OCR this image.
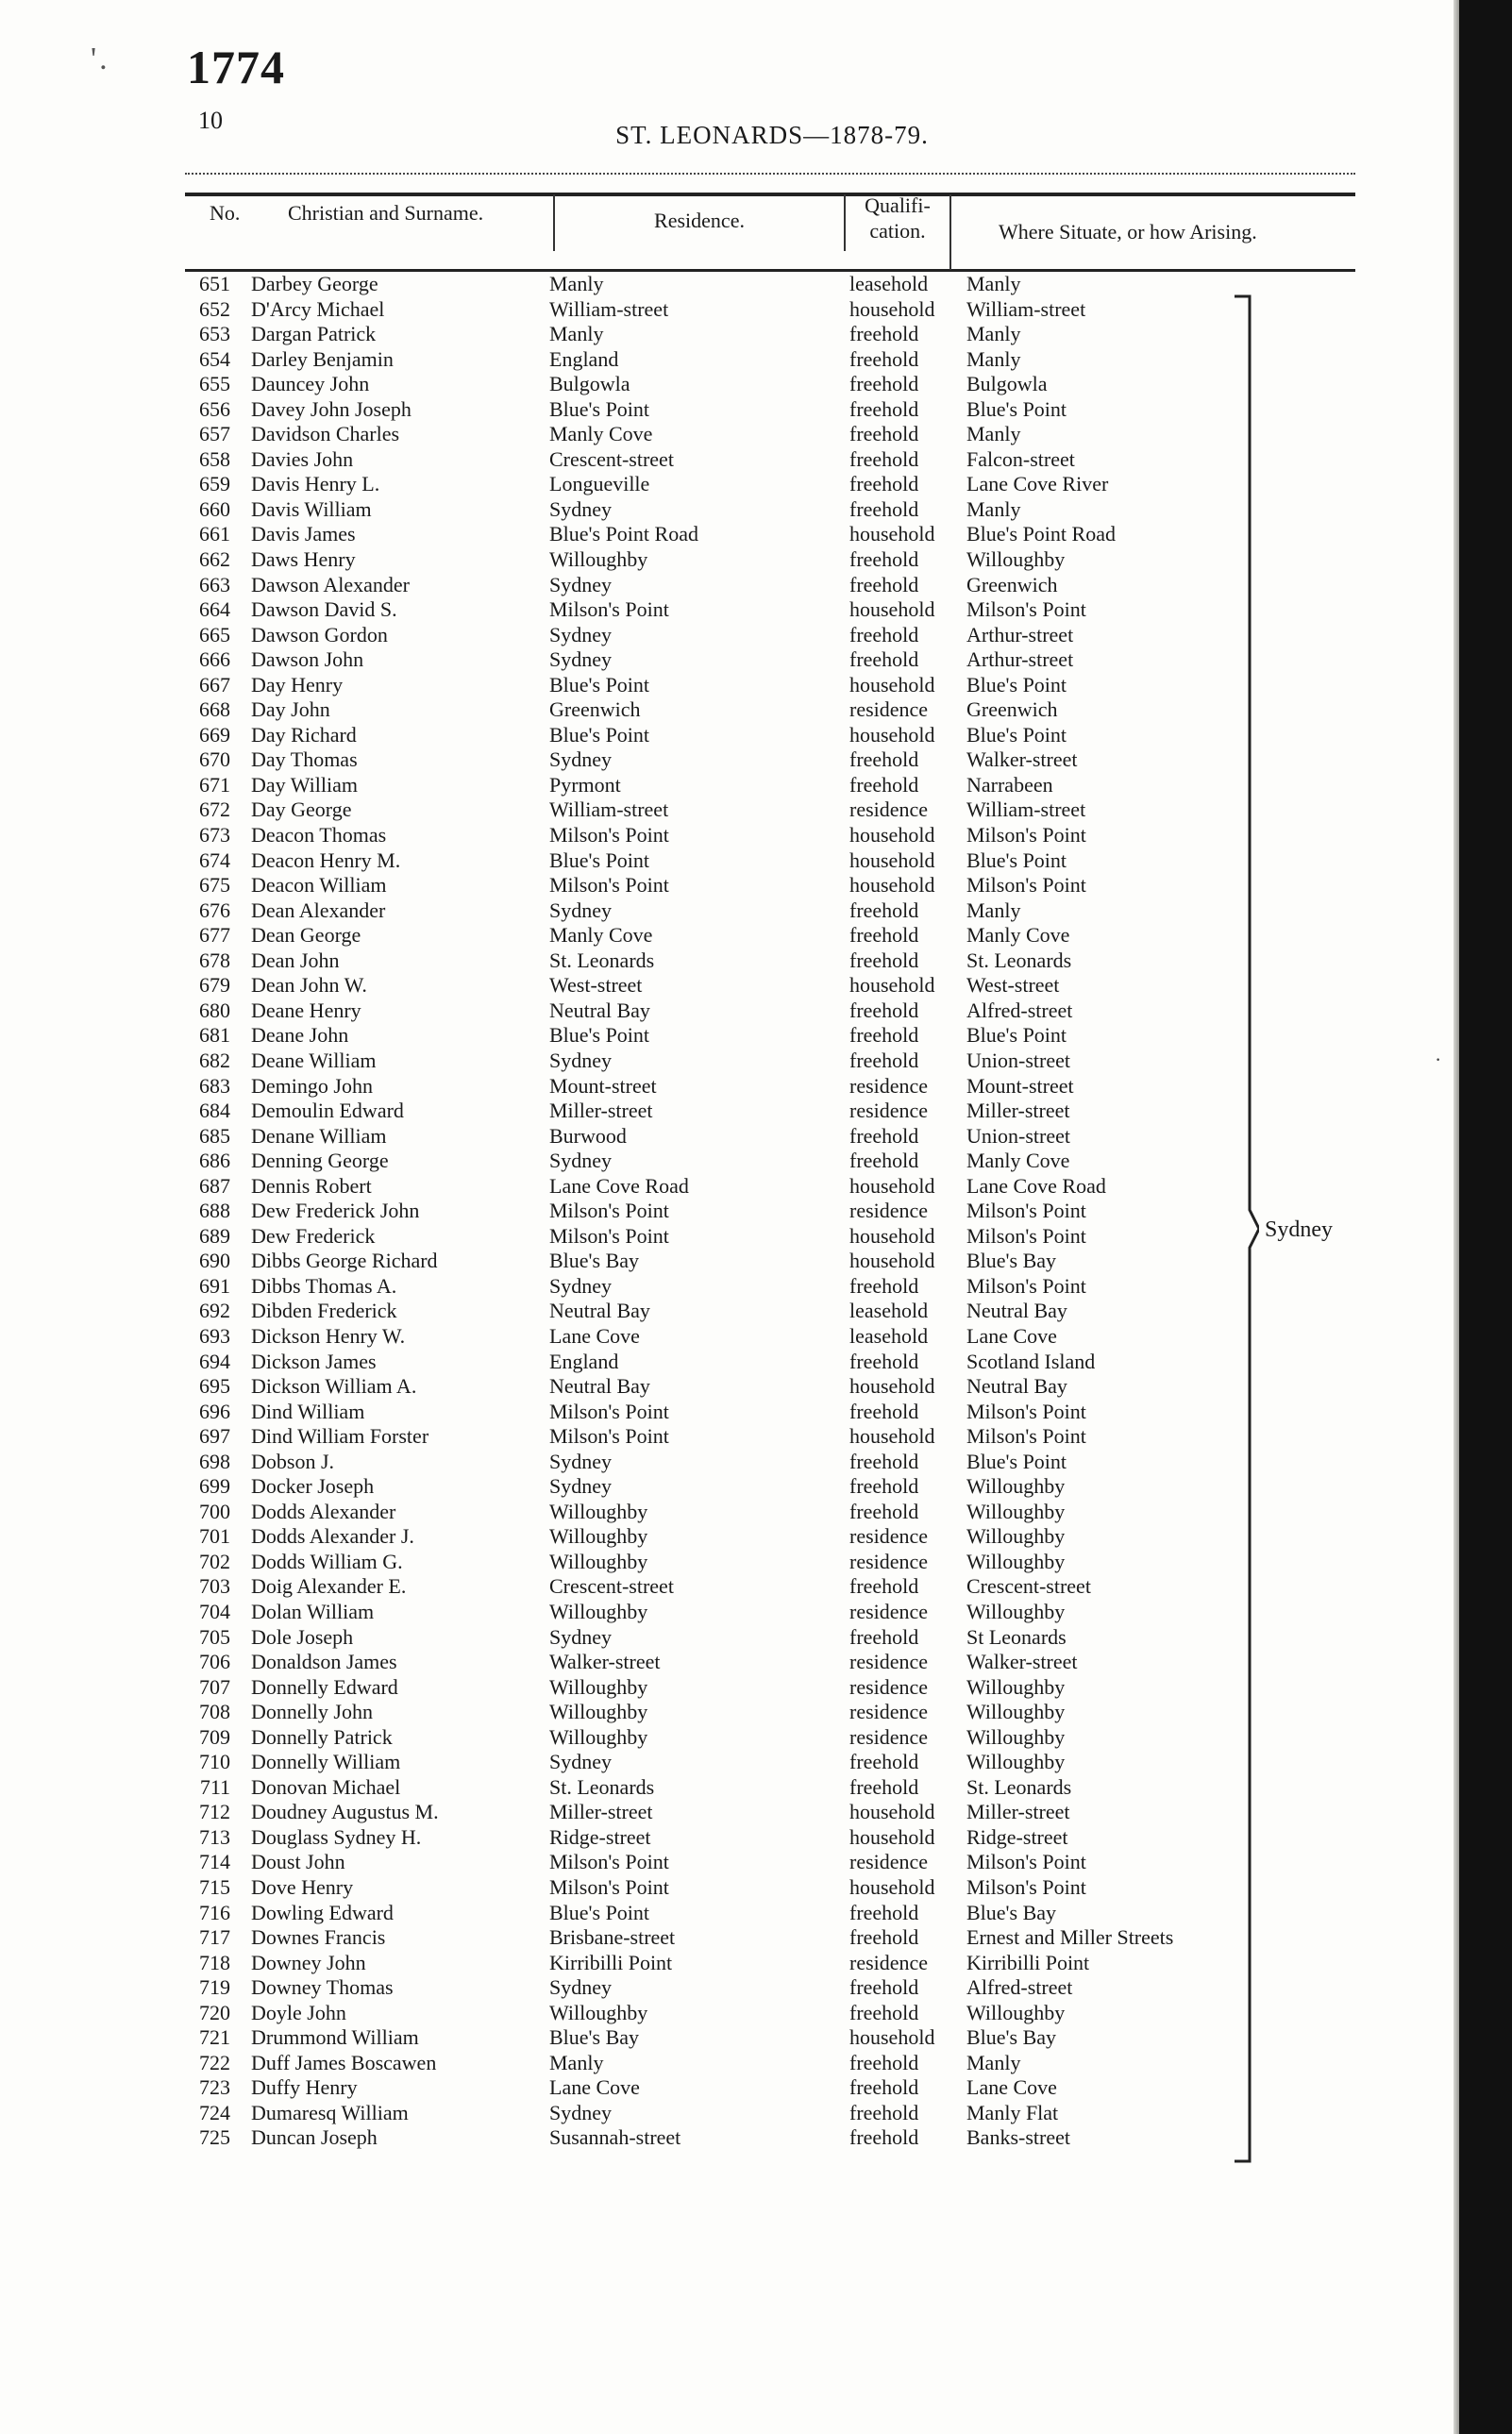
'. 1774
10
ST. LEONARDS—1878-79.
No. Christian and Surname.	Residence.
Qualifi-
cation.	Where Situate, or how Arising.
651 Darbey George	Manly	leasehold Manly
652 D'Arcy Michael	William-street	household William-street
653 Dargan Patrick	Manly	freehold Manly
654 Darley Benjamin	England	freehold Manly
655 Dauncey John	Bulgowla	freehold Bulgowla
656 Davey John Joseph	Blue's Point	freehold Blue's Point
657 Davidson Charles	Manly Cove	freehold Manly
658 Davies John	Crescent-street	freehold Falcon-street
659 Davis Henry L.	Longueville	freehold Lane Cove River
660 Davis William	Sydney	freehold Manly
661 Davis James	Blue's Point Road	household Blue's Point Road
662 Daws Henry	Willoughby	freehold Willoughby
663 Dawson Alexander	Sydney	freehold Greenwich
664 Dawson David S.	Milson's Point	household Milson's Point
665 Dawson Gordon	Sydney	freehold Arthur-street
666 Dawson John	Sydney	freehold Arthur-street
667 Day Henry	Blue's Point	household Blue's Point
668 Day John	Greenwich	residence Greenwich
669 Day Richard	Blue's Point	household Blue's Point
670 Day Thomas	Sydney	freehold Walker-street
671 Day William	Pyrmont	freehold Narrabeen
672 Day George	William-street	residence William-street
673 Deacon Thomas	Milson's Point	household Milson's Point
674 Deacon Henry M.	Blue's Point	household Blue's Point
675 Deacon William	Milson's Point	household Milson's Point
676 Dean Alexander	Sydney	freehold Manly
677 Dean George	Manly Cove	freehold Manly Cove
678 Dean John	St. Leonards	freehold St. Leonards
679 Dean John W.	West-street	household West-street
680 Deane Henry	Neutral Bay	freehold Alfred-street
681 Deane John	Blue's Point	freehold Blue's Point
682 Deane William	Sydney	freehold Union-street
683 Demingo John	Mount-street	residence Mount-street
684 Demoulin Edward	Miller-street	residence Miller-street
685 Denane William	Burwood	freehold Union-street
686 Denning George	Sydney	freehold Manly Cove
687 Dennis Robert	Lane Cove Road	household Lane Cove Road
688 Dew Frederick John	Milson's Point	residence Milson's Point
689 Dew Frederick	Milson's Point	household Milson's Point
690 Dibbs George Richard	Blue's Bay	household Blue's Bay
691 Dibbs Thomas A.	Sydney	freehold Milson's Point
692 Dibden Frederick	Neutral Bay	leasehold Neutral Bay
693 Dickson Henry W.	Lane Cove	leasehold Lane Cove
694 Dickson James	England	freehold Scotland Island
695 Dickson William A.	Neutral Bay	household Neutral Bay
696 Dind William	Milson's Point	freehold Milson's Point
697 Dind William Forster	Milson's Point	household Milson's Point
698 Dobson J.	Sydney	freehold Blue's Point
699 Docker Joseph	Sydney	freehold Willoughby
700 Dodds Alexander	Willoughby	freehold Willoughby
701 Dodds Alexander J.	Willoughby	residence Willoughby
702 Dodds William G.	Willoughby	residence Willoughby
703 Doig Alexander E.	Crescent-street	freehold Crescent-street
704 Dolan William	Willoughby	residence Willoughby
705 Dole Joseph	Sydney	freehold St Leonards
706 Donaldson James	Walker-street	residence Walker-street
707 Donnelly Edward	Willoughby	residence Willoughby
708 Donnelly John	Willoughby	residence Willoughby
709 Donnelly Patrick	Willoughby	residence Willoughby
710 Donnelly William	Sydney	freehold Willoughby
711 Donovan Michael	St. Leonards	freehold St. Leonards
712 Doudney Augustus M.	Miller-street	household Miller-street
713 Douglass Sydney H.	Ridge-street	household Ridge-street
714 Doust John	Milson's Point	residence Milson's Point
715 Dove Henry	Milson's Point	household Milson's Point
716 Dowling Edward	Blue's Point	freehold Blue's Bay
717 Downes Francis	Brisbane-street	freehold Ernest and Miller Streets
718 Downey John	Kirribilli Point	residence Kirribilli Point
719 Downey Thomas	Sydney	freehold Alfred-street
720 Doyle John	Willoughby	freehold Willoughby
721 Drummond William	Blue's Bay	household Blue's Bay
722 Duff James Boscawen	Manly	freehold Manly
723 Duffy Henry	Lane Cove	freehold Lane Cove
724 Dumaresq William	Sydney	freehold Manly Flat
725 Duncan Joseph	Susannah-street	freehold Banks-street
Sydney
·
